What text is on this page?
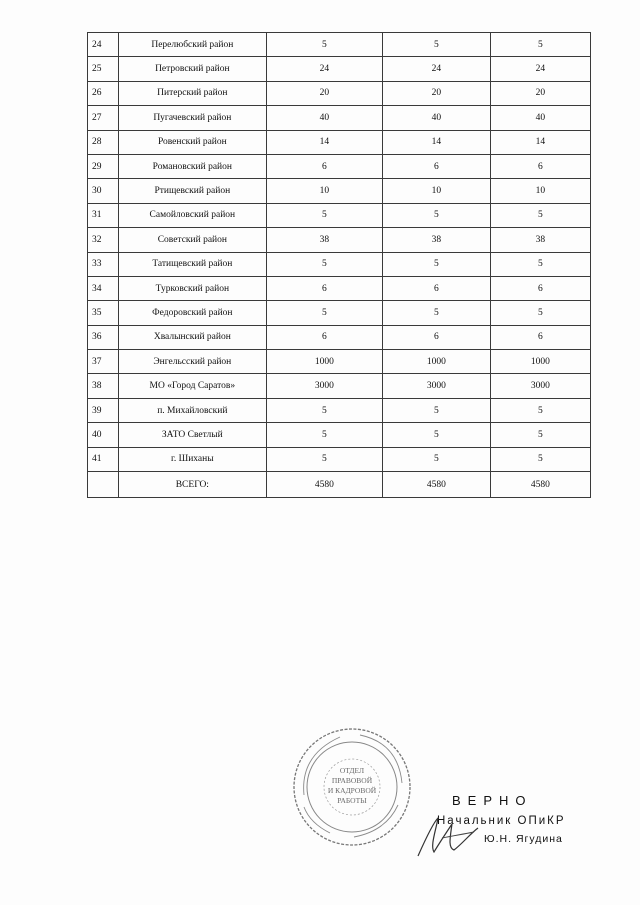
24	Перелюбский район	5	5	5
25	Петровский район	24	24	24
26	Питерский район	20	20	20
27	Пугачевский район	40	40	40
28	Ровенский район	14	14	14
29	Романовский район	6	6	6
30	Ртищевский район	10	10	10
31	Самойловский район	5	5	5
32	Советский район	38	38	38
33	Татищевский район	5	5	5
34	Турковский район	6	6	6
35	Федоровский район	5	5	5
36	Хвалынский район	6	6	6
37	Энгельсский район	1000	1000	1000
38	МО «Город Саратов»	3000	3000	3000
39	п. Михайловский	5	5	5
40	ЗАТО Светлый	5	5	5
41	г. Шиханы	5	5	5
	ВСЕГО:	4580	4580	4580
ОТДЕЛ
ПРАВОВОЙ
И КАДРОВОЙ
РАБОТЫ	ВЕРНО
Начальник ОПиКР
Ю.Н. Ягудина
